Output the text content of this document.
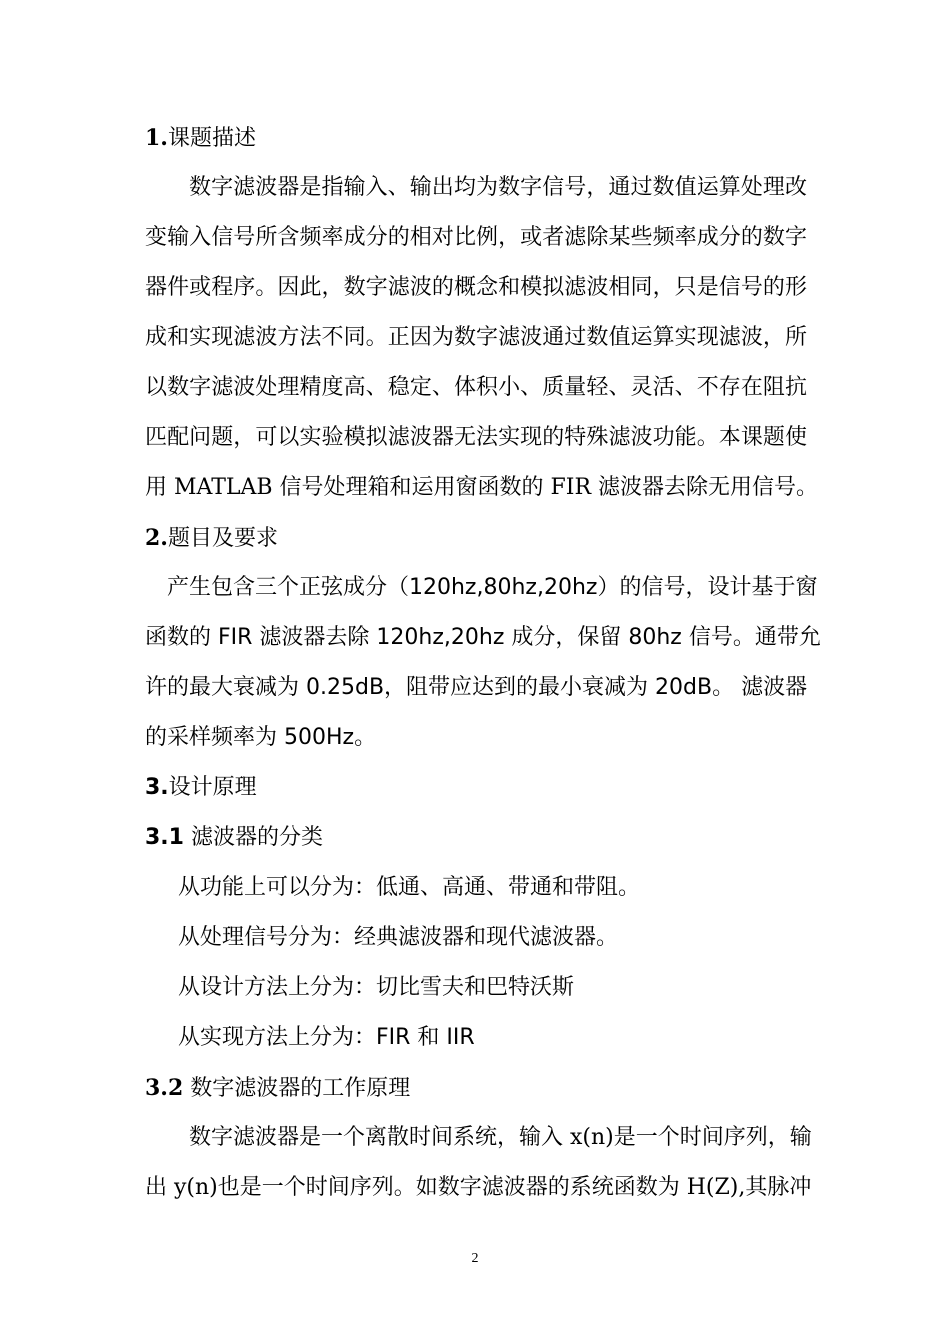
1.课题描述
数字滤波器是指输入、输出均为数字信号，通过数值运算处理改
变输入信号所含频率成分的相对比例，或者滤除某些频率成分的数字
器件或程序。因此，数字滤波的概念和模拟滤波相同，只是信号的形
成和实现滤波方法不同。正因为数字滤波通过数值运算实现滤波，所
以数字滤波处理精度高、稳定、体积小、质量轻、灵活、不存在阻抗
匹配问题，可以实验模拟滤波器无法实现的特殊滤波功能。本课题使
用 MATLAB 信号处理箱和运用窗函数的 FIR 滤波器去除无用信号。
2.题目及要求
产生包含三个正弦成分（120hz,80hz,20hz）的信号，设计基于窗
函数的 FIR 滤波器去除 120hz,20hz 成分，保留 80hz 信号。通带允
许的最大衰减为 0.25dB，阻带应达到的最小衰减为 20dB。 滤波器
的采样频率为 500Hz。
3.设计原理
3.1 滤波器的分类
从功能上可以分为：低通、高通、带通和带阻。
从处理信号分为：经典滤波器和现代滤波器。
从设计方法上分为：切比雪夫和巴特沃斯
从实现方法上分为：FIR 和 IIR
3.2 数字滤波器的工作原理
数字滤波器是一个离散时间系统，输入 x(n)是一个时间序列，输
出 y(n)也是一个时间序列。如数字滤波器的系统函数为 H(Z),其脉冲
2
